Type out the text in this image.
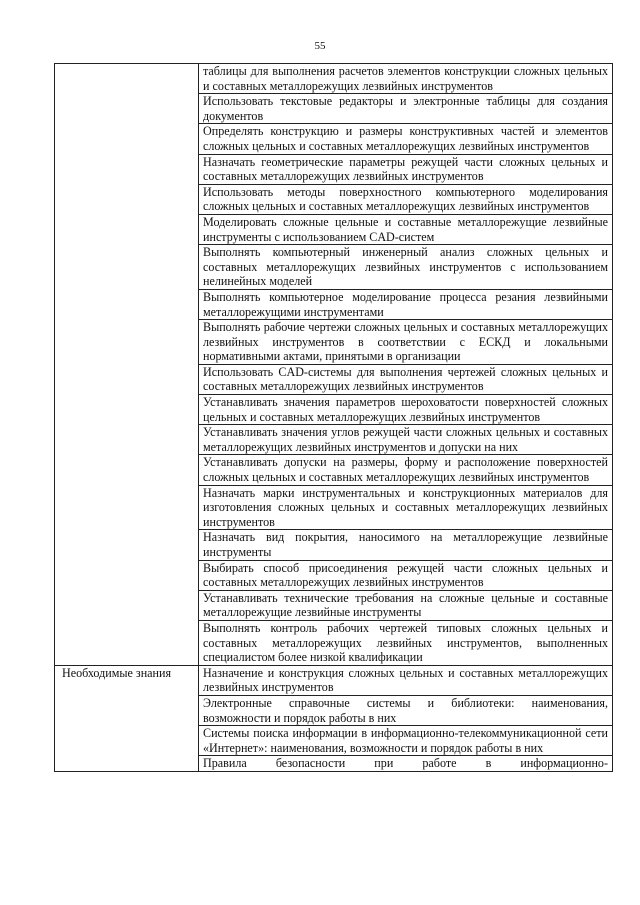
55
	таблицы для выполнения расчетов элементов конструкции сложных цельных и составных металлорежущих лезвийных инструментов
	Использовать текстовые редакторы и электронные таблицы для создания документов
	Определять конструкцию и размеры конструктивных частей и элементов сложных цельных и составных металлорежущих лезвийных инструментов
	Назначать геометрические параметры режущей части сложных цельных и составных металлорежущих лезвийных инструментов
	Использовать методы поверхностного компьютерного моделирования сложных цельных и составных металлорежущих лезвийных инструментов
	Моделировать сложные цельные и составные металлорежущие лезвийные инструменты с использованием CAD-систем
	Выполнять компьютерный инженерный анализ сложных цельных и составных металлорежущих лезвийных инструментов с использованием нелинейных моделей
	Выполнять компьютерное моделирование процесса резания лезвийными металлорежущими инструментами
	Выполнять рабочие чертежи сложных цельных и составных металлорежущих лезвийных инструментов в соответствии с ЕСКД и локальными нормативными актами, принятыми в организации
	Использовать CAD-системы для выполнения чертежей сложных цельных и составных металлорежущих лезвийных инструментов
	Устанавливать значения параметров шероховатости поверхностей сложных цельных и составных металлорежущих лезвийных инструментов
	Устанавливать значения углов режущей части сложных цельных и составных металлорежущих лезвийных инструментов и допуски на них
	Устанавливать допуски на размеры, форму и расположение поверхностей сложных цельных и составных металлорежущих лезвийных инструментов
	Назначать марки инструментальных и конструкционных материалов для изготовления сложных цельных и составных металлорежущих лезвийных инструментов
	Назначать вид покрытия, наносимого на металлорежущие лезвийные инструменты
	Выбирать способ присоединения режущей части сложных цельных и составных металлорежущих лезвийных инструментов
	Устанавливать технические требования на сложные цельные и составные металлорежущие лезвийные инструменты
	Выполнять контроль рабочих чертежей типовых сложных цельных и составных металлорежущих лезвийных инструментов, выполненных специалистом более низкой квалификации
Необходимые знания	Назначение и конструкция сложных цельных и составных металлорежущих лезвийных инструментов
	Электронные справочные системы и библиотеки: наименования, возможности и порядок работы в них
	Системы поиска информации в информационно-телекоммуникационной сети «Интернет»: наименования, возможности и порядок работы в них
	Правила безопасности при работе в информационно-
